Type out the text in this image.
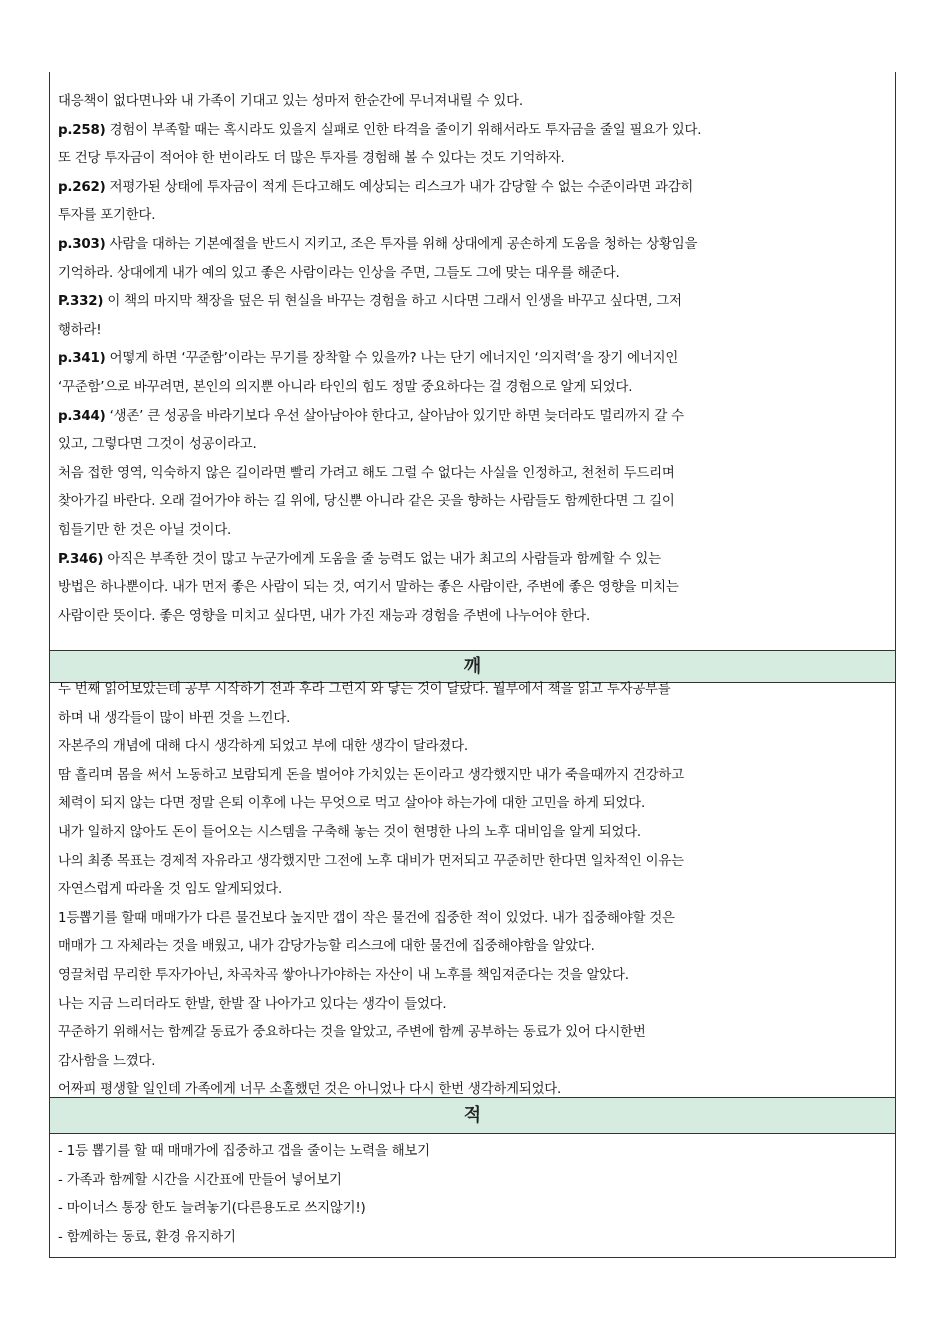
대응책이 없다면나와 내 가족이 기대고 있는 성마저 한순간에 무너져내릴 수 있다.
p.258) 경험이 부족할 때는 혹시라도 있을지 실패로 인한 타격을 줄이기 위해서라도 투자금을 줄일 필요가 있다.
또 건당 투자금이 적어야 한 번이라도 더 많은 투자를 경험해 볼 수 있다는 것도 기억하자.
p.262) 저평가된 상태에 투자금이 적게 든다고해도 예상되는 리스크가 내가 감당할 수 없는 수준이라면 과감히
투자를 포기한다.
p.303) 사람을 대하는 기본예절을 반드시 지키고, 조은 투자를 위해 상대에게 공손하게 도움을 청하는 상황임을
기억하라. 상대에게 내가 예의 있고 좋은 사람이라는 인상을 주면, 그들도 그에 맞는 대우를 해준다.
P.332) 이 책의 마지막 책장을 덮은 뒤 현실을 바꾸는 경험을 하고 시다면 그래서 인생을 바꾸고 싶다면, 그저
행하라!
p.341) 어떻게 하면 ‘꾸준함’이라는 무기를 장착할 수 있을까? 나는 단기 에너지인 ‘의지력’을 장기 에너지인
‘꾸준함’으로 바꾸려면, 본인의 의지뿐 아니라 타인의 힘도 정말 중요하다는 걸 경험으로 알게 되었다.
p.344) ‘생존’ 큰 성공을 바라기보다 우선 살아남아야 한다고, 살아남아 있기만 하면 늦더라도 멀리까지 갈 수
있고, 그렇다면 그것이 성공이라고.
처음 접한 영역, 익숙하지 않은 길이라면 빨리 가려고 해도 그럴 수 없다는 사실을 인정하고, 천천히 두드리며
찾아가길 바란다. 오래 걸어가야 하는 길 위에, 당신뿐 아니라 같은 곳을 향하는 사람들도 함께한다면 그 길이
힘들기만 한 것은 아닐 것이다.
P.346) 아직은 부족한 것이 많고 누군가에게 도움을 줄 능력도 없는 내가 최고의 사람들과 함께할 수 있는
방법은 하나뿐이다. 내가 먼저 좋은 사람이 되는 것, 여기서 말하는 좋은 사람이란, 주변에 좋은 영향을 미치는
사람이란 뜻이다. 좋은 영향을 미치고 싶다면, 내가 가진 재능과 경험을 주변에 나누어야 한다.
깨
두 번째 읽어보았는데 공부 시작하기 전과 후라 그런지 와 닿는 것이 달랐다. 월부에서 책을 읽고 투자공부를
하며 내 생각들이 많이 바뀐 것을 느낀다.
자본주의 개념에 대해 다시 생각하게 되었고 부에 대한 생각이 달라졌다.
땀 흘리며 몸을 써서 노동하고 보람되게 돈을 벌어야 가치있는 돈이라고 생각했지만 내가 죽을때까지 건강하고
체력이 되지 않는 다면 정말 은퇴 이후에 나는 무엇으로 먹고 살아야 하는가에 대한 고민을 하게 되었다.
내가 일하지 않아도 돈이 들어오는 시스템을 구축해 놓는 것이 현명한 나의 노후 대비임을 알게 되었다.
나의 최종 목표는 경제적 자유라고 생각했지만 그전에 노후 대비가 먼저되고 꾸준히만 한다면 일차적인 이유는
자연스럽게 따라올 것 임도 알게되었다.
1등뽑기를 할때 매매가가 다른 물건보다 높지만 갭이 작은 물건에 집중한 적이 있었다. 내가 집중해야할 것은
매매가 그 자체라는 것을 배웠고, 내가 감당가능할 리스크에 대한 물건에 집중해야함을 알았다.
영끌처럼 무리한 투자가아닌, 차곡차곡 쌓아나가야하는 자산이 내 노후를 책임져준다는 것을 알았다.
나는 지금 느리더라도 한발, 한발 잘 나아가고 있다는 생각이 들었다.
꾸준하기 위해서는 함께갈 동료가 중요하다는 것을 알았고, 주변에 함께 공부하는 동료가 있어 다시한번
감사함을 느꼈다.
어짜피 평생할 일인데 가족에게 너무 소홀했던 것은 아니었나 다시 한번 생각하게되었다.
적
- 1등 뽑기를 할 때 매매가에 집중하고 갭을 줄이는 노력을 해보기
- 가족과 함께할 시간을 시간표에 만들어 넣어보기
- 마이너스 통장 한도 늘려놓기(다른용도로 쓰지않기!)
- 함께하는 동료, 환경 유지하기
